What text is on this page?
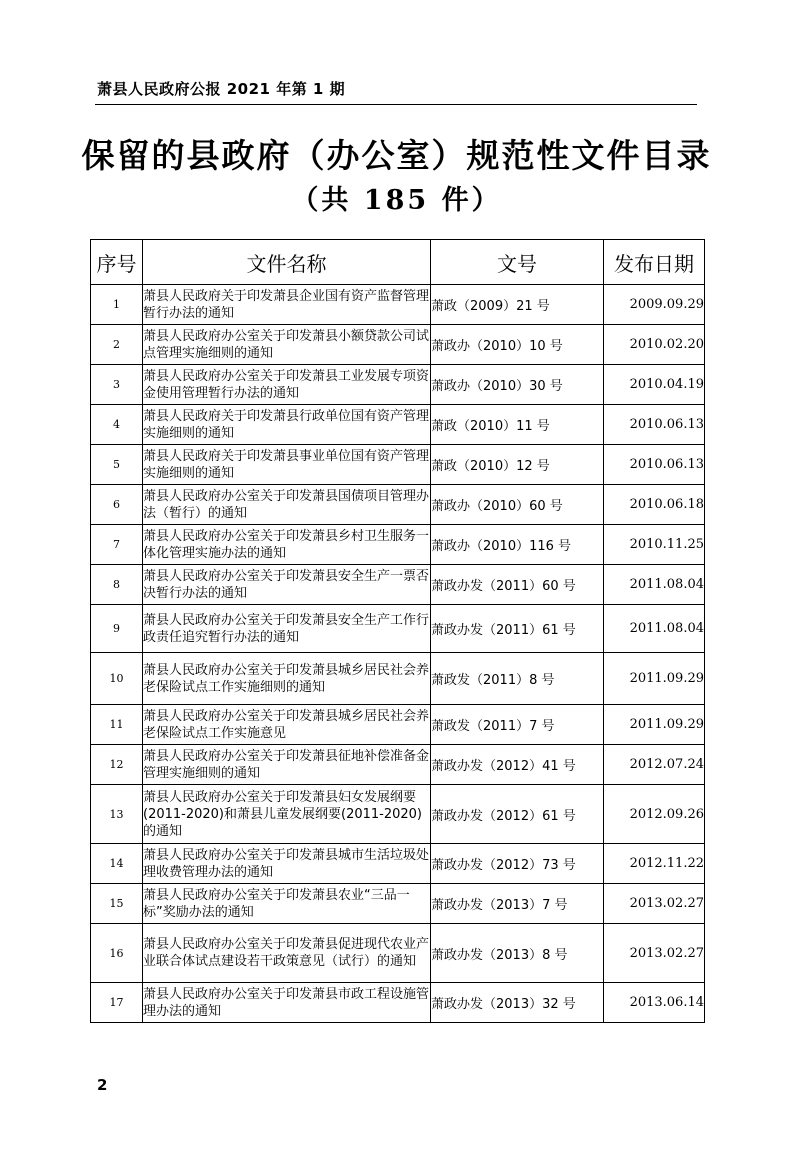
萧县人民政府公报 2021 年第 1 期
保留的县政府（办公室）规范性文件目录
（共 185 件）
序号	文件名称	文号	发布日期
1	萧县人民政府关于印发萧县企业国有资产监督管理暂行办法的通知	萧政（2009）21 号	2009.09.29
2	萧县人民政府办公室关于印发萧县小额贷款公司试点管理实施细则的通知	萧政办（2010）10 号	2010.02.20
3	萧县人民政府办公室关于印发萧县工业发展专项资金使用管理暂行办法的通知	萧政办（2010）30 号	2010.04.19
4	萧县人民政府关于印发萧县行政单位国有资产管理实施细则的通知	萧政（2010）11 号	2010.06.13
5	萧县人民政府关于印发萧县事业单位国有资产管理实施细则的通知	萧政（2010）12 号	2010.06.13
6	萧县人民政府办公室关于印发萧县国债项目管理办法（暂行）的通知	萧政办（2010）60 号	2010.06.18
7	萧县人民政府办公室关于印发萧县乡村卫生服务一体化管理实施办法的通知	萧政办（2010）116 号	2010.11.25
8	萧县人民政府办公室关于印发萧县安全生产一票否决暂行办法的通知	萧政办发（2011）60 号	2011.08.04
9	萧县人民政府办公室关于印发萧县安全生产工作行政责任追究暂行办法的通知	萧政办发（2011）61 号	2011.08.04
10	萧县人民政府办公室关于印发萧县城乡居民社会养老保险试点工作实施细则的通知	萧政发（2011）8 号	2011.09.29
11	萧县人民政府办公室关于印发萧县城乡居民社会养老保险试点工作实施意见	萧政发（2011）7 号	2011.09.29
12	萧县人民政府办公室关于印发萧县征地补偿准备金管理实施细则的通知	萧政办发（2012）41 号	2012.07.24
13	萧县人民政府办公室关于印发萧县妇女发展纲要(2011-2020)和萧县儿童发展纲要(2011-2020)的通知	萧政办发（2012）61 号	2012.09.26
14	萧县人民政府办公室关于印发萧县城市生活垃圾处理收费管理办法的通知	萧政办发（2012）73 号	2012.11.22
15	萧县人民政府办公室关于印发萧县农业“三品一标”奖励办法的通知	萧政办发（2013）7 号	2013.02.27
16	萧县人民政府办公室关于印发萧县促进现代农业产业联合体试点建设若干政策意见（试行）的通知	萧政办发（2013）8 号	2013.02.27
17	萧县人民政府办公室关于印发萧县市政工程设施管理办法的通知	萧政办发（2013）32 号	2013.06.14
2
